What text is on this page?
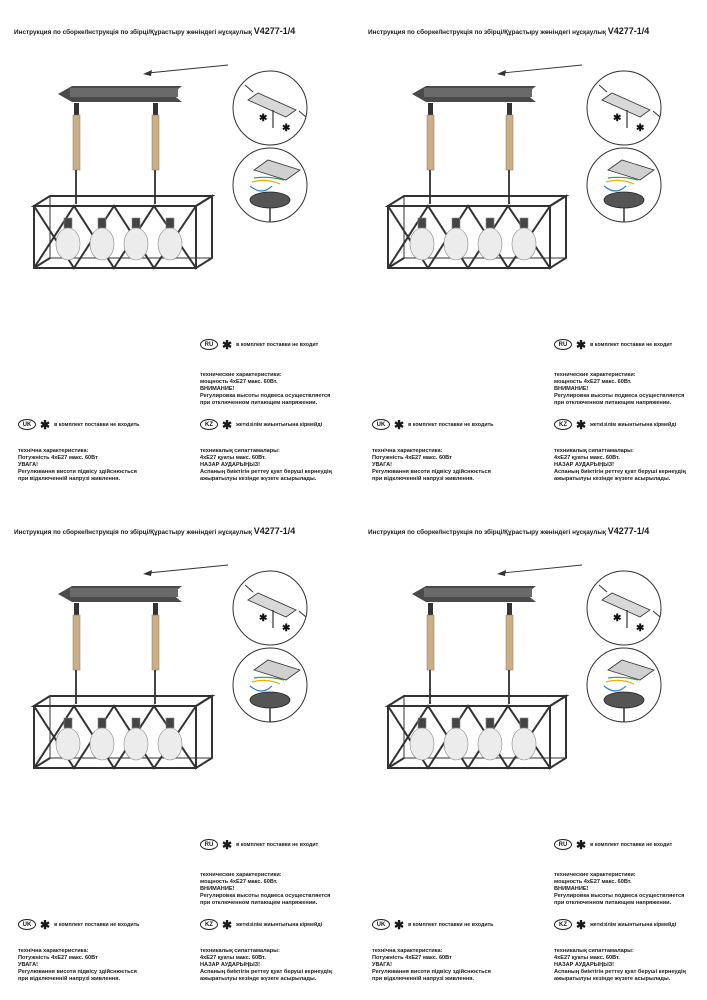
Инструкция по сборке/Інструкція по збірці/Құрастыру жөніндегі нұсқаулық V4277-1/4
✱
✱
RU ✱ в комплект поставки не входит
технические характеристики:
мощность 4хЕ27 макс. 60Вт.
ВНИМАНИЕ!
Регулировка высоты подвеса осуществляется
при отключенном питающем напряжении.
UK ✱ в комплект поставки не входить	KZ ✱ жеткізілім жиынтығына кірмейді
технічна характеристика:
Потужність 4хЕ27 макс. 60Вт
УВАГА!
Регулювання висоти підвісу здійснюється
при відключенній напрузі живлення.
техникалық сипаттамалары:
4хЕ27 қуаты макс. 60Вт.
НАЗАР АУДАРЫҢЫЗ!
Аспаның биіктігін реттеу қуат беруші кернеудің
ажыратылуы кезінде жүзеге асырылады.
Инструкция по сборке/Інструкція по збірці/Құрастыру жөніндегі нұсқаулық V4277-1/4
✱
✱
RU ✱ в комплект поставки не входит
технические характеристики:
мощность 4хЕ27 макс. 60Вт.
ВНИМАНИЕ!
Регулировка высоты подвеса осуществляется
при отключенном питающем напряжении.
UK ✱ в комплект поставки не входить	KZ ✱ жеткізілім жиынтығына кірмейді
технічна характеристика:
Потужність 4хЕ27 макс. 60Вт
УВАГА!
Регулювання висоти підвісу здійснюється
при відключенній напрузі живлення.
техникалық сипаттамалары:
4хЕ27 қуаты макс. 60Вт.
НАЗАР АУДАРЫҢЫЗ!
Аспаның биіктігін реттеу қуат беруші кернеудің
ажыратылуы кезінде жүзеге асырылады.
Инструкция по сборке/Інструкція по збірці/Құрастыру жөніндегі нұсқаулық V4277-1/4
✱
✱
RU ✱ в комплект поставки не входит
технические характеристики:
мощность 4хЕ27 макс. 60Вт.
ВНИМАНИЕ!
Регулировка высоты подвеса осуществляется
при отключенном питающем напряжении.
UK ✱ в комплект поставки не входить	KZ ✱ жеткізілім жиынтығына кірмейді
технічна характеристика:
Потужність 4хЕ27 макс. 60Вт
УВАГА!
Регулювання висоти підвісу здійснюється
при відключенній напрузі живлення.
техникалық сипаттамалары:
4хЕ27 қуаты макс. 60Вт.
НАЗАР АУДАРЫҢЫЗ!
Аспаның биіктігін реттеу қуат беруші кернеудің
ажыратылуы кезінде жүзеге асырылады.
Инструкция по сборке/Інструкція по збірці/Құрастыру жөніндегі нұсқаулық V4277-1/4
✱
✱
RU ✱ в комплект поставки не входит
технические характеристики:
мощность 4хЕ27 макс. 60Вт.
ВНИМАНИЕ!
Регулировка высоты подвеса осуществляется
при отключенном питающем напряжении.
UK ✱ в комплект поставки не входить	KZ ✱ жеткізілім жиынтығына кірмейді
технічна характеристика:
Потужність 4хЕ27 макс. 60Вт
УВАГА!
Регулювання висоти підвісу здійснюється
при відключенній напрузі живлення.
техникалық сипаттамалары:
4хЕ27 қуаты макс. 60Вт.
НАЗАР АУДАРЫҢЫЗ!
Аспаның биіктігін реттеу қуат беруші кернеудің
ажыратылуы кезінде жүзеге асырылады.
